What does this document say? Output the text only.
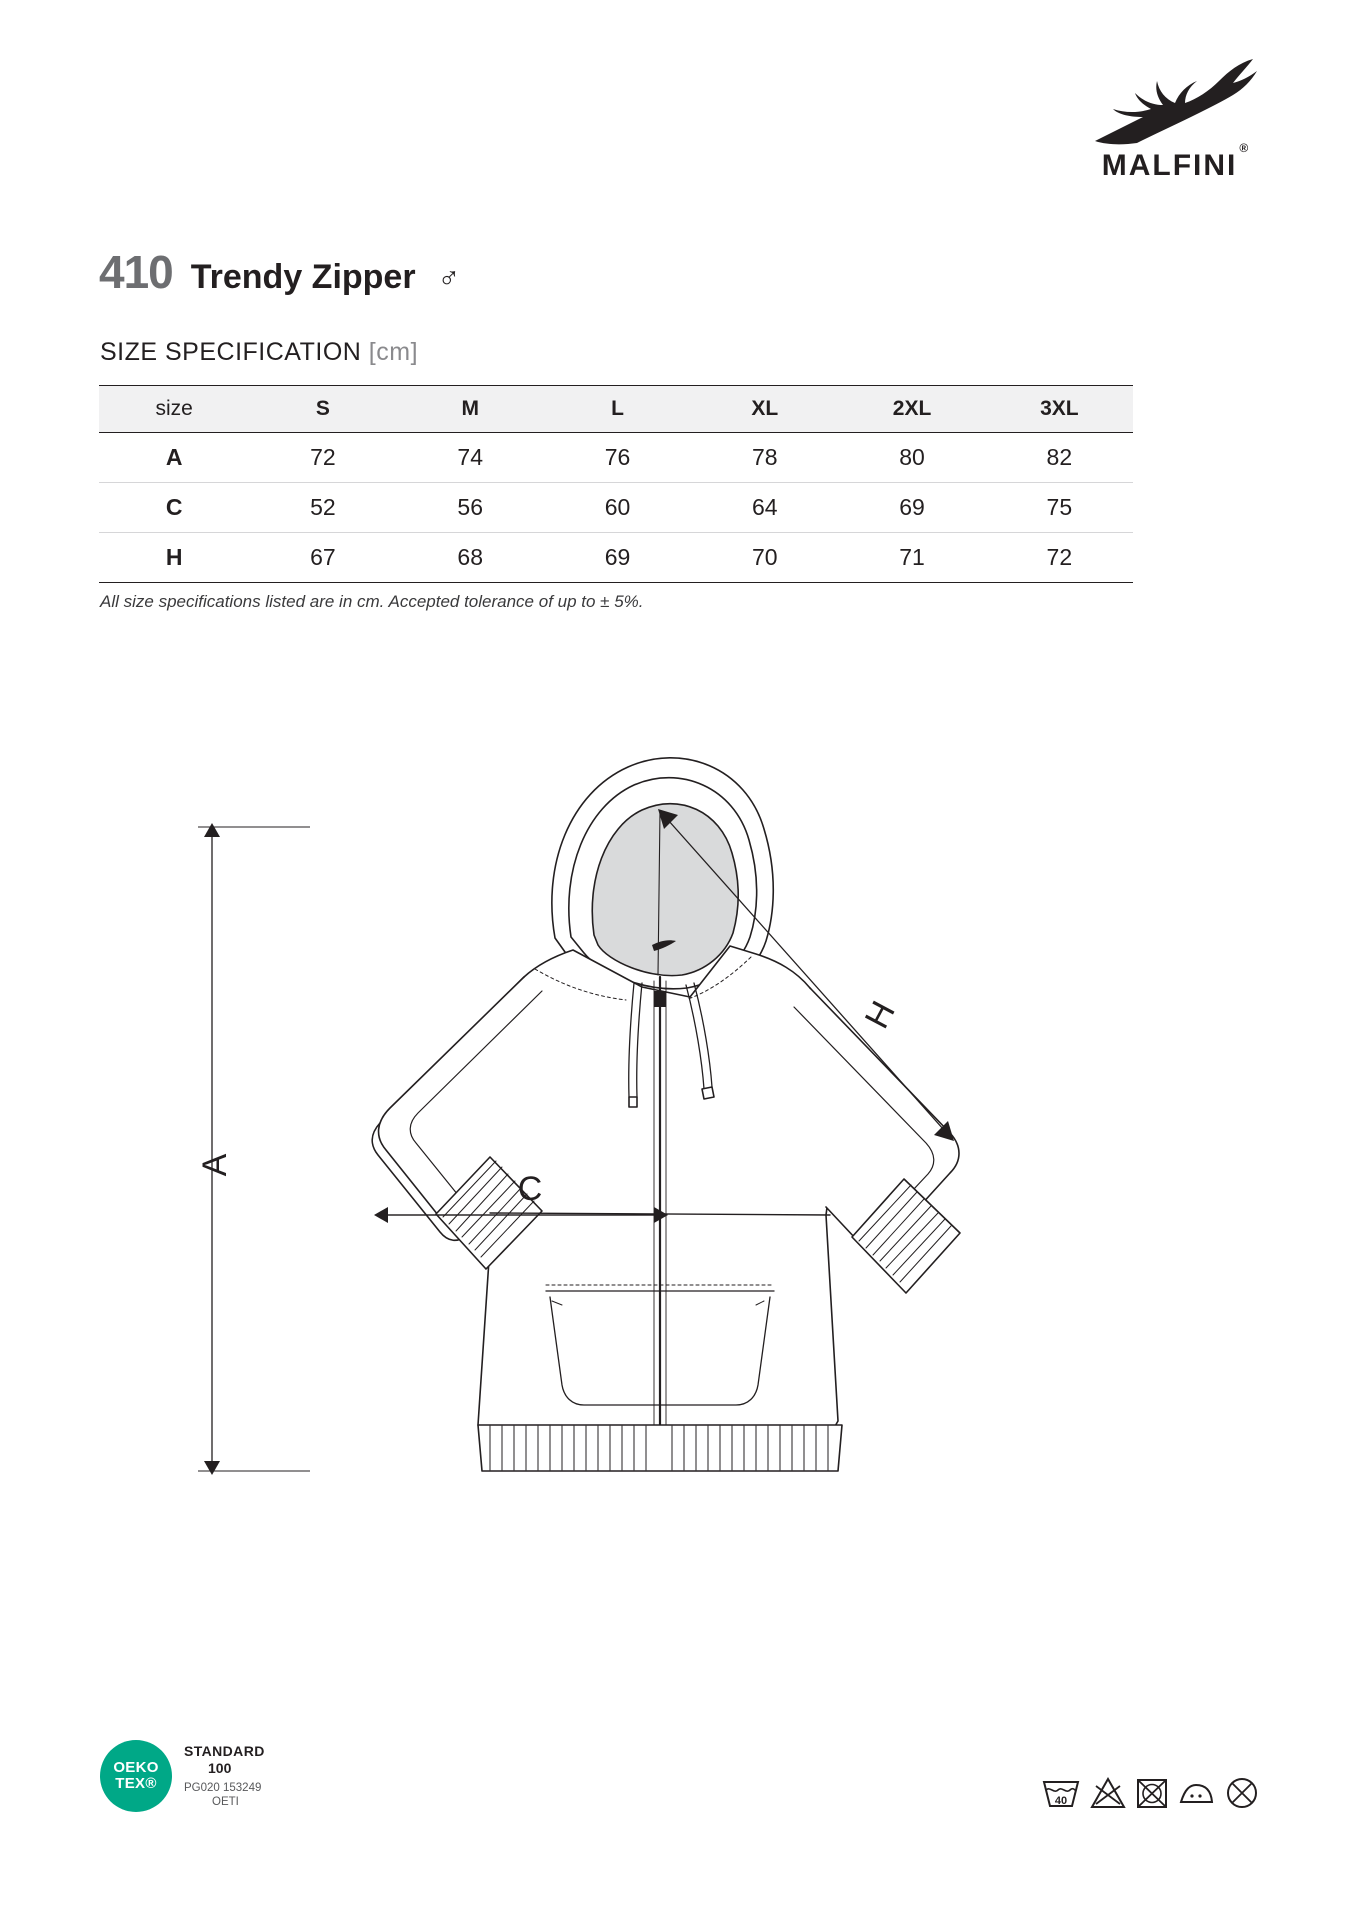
MALFINI®
410 Trendy Zipper ♂
SIZE SPECIFICATION [cm]
size	S	M	L	XL	2XL	3XL
A	72	74	76	78	80	82
C	52	56	60	64	69	75
H	67	68	69	70	71	72
All size specifications listed are in cm. Accepted tolerance of up to ± 5%.
A
C
H
OEKO
TEX®
STANDARD
100
PG020 153249
OETI	40
